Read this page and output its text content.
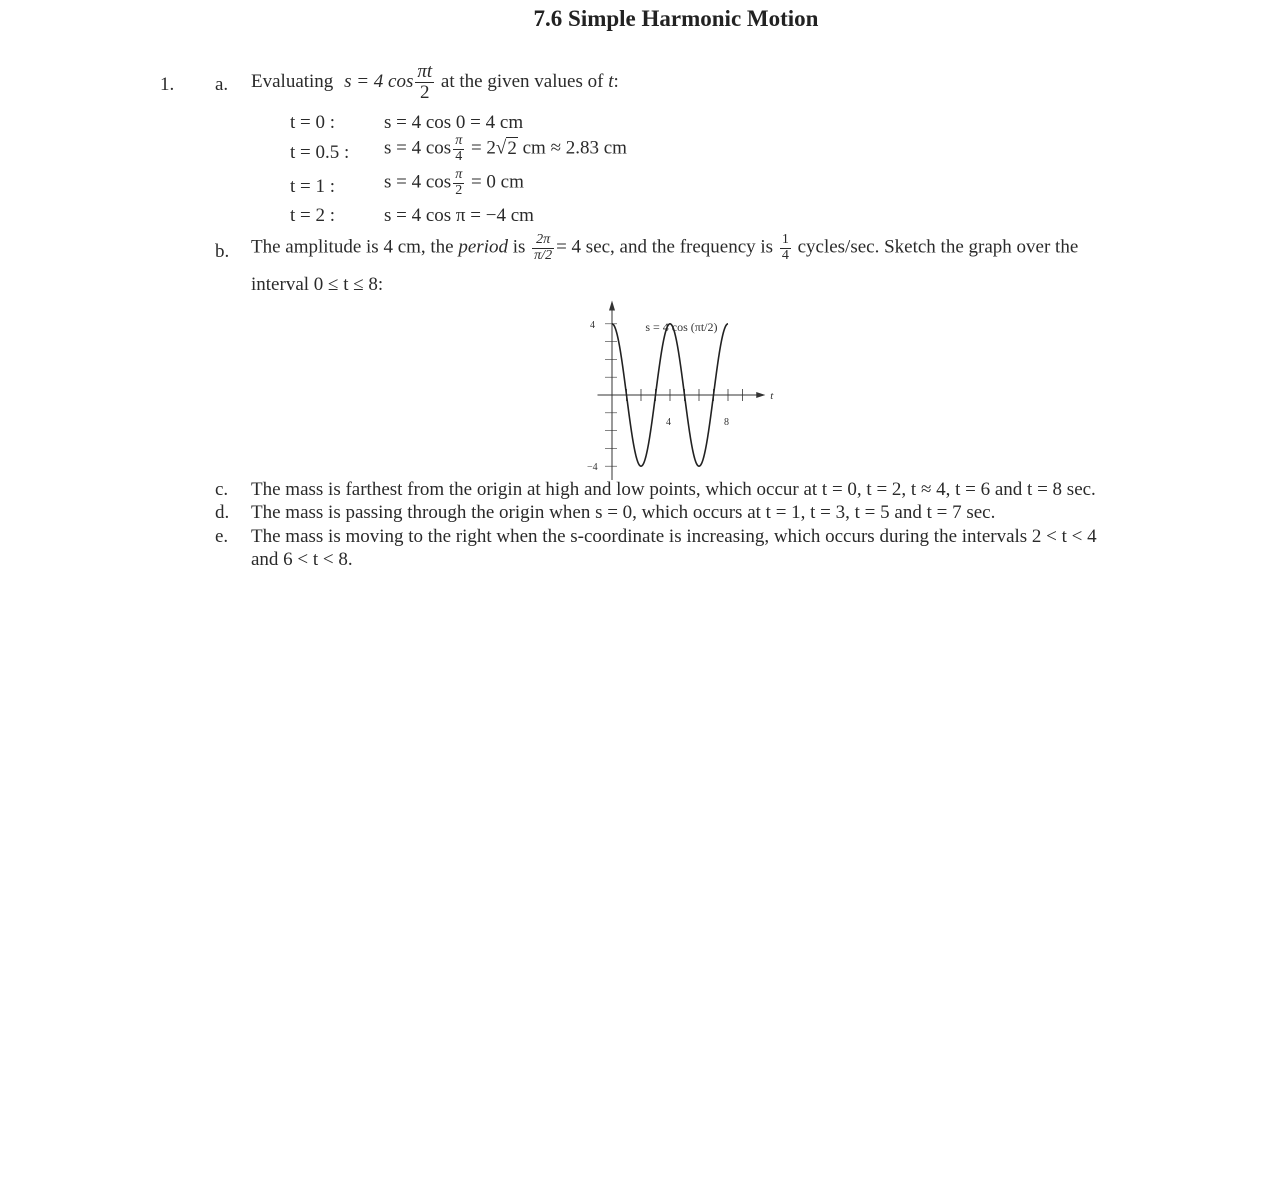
7.6 Simple Harmonic Motion
1. a. Evaluating s = 4 $\cos \frac{\pi t}{2}$ at the given values of t:
t = 0 :	s = 4 cos 0 = 4 cm
t = 0.5 : s = 4 $\cos \frac{\pi}{4} = 2√2$ cm ≈ 2.83 cm
t = 1 :	s = 4 $\cos \frac{\pi}{2} = 0$ cm
t = 2 :	s = 4 cos π = −4 cm
b. The amplitude is 4 cm, the period is $\frac{2\pi}{\pi/2} = 4$ sec, and the frequency is $\frac{1}{4}$ cycles/sec. Sketch the graph over the
interval 0 ≤ t ≤ 8:
4	8
4
−4
t
s = 4 cos (πt/2)
c. The mass is farthest from the origin at high and low points, which occur at t = 0, t = 2, t ≈ 4, t = 6 and t = 8 sec.
d. The mass is passing through the origin when s = 0, which occurs at t = 1, t = 3, t = 5 and t = 7 sec.
e. The mass is moving to the right when the s-coordinate is increasing, which occurs during the intervals 2 < t < 4
and 6 < t < 8.
